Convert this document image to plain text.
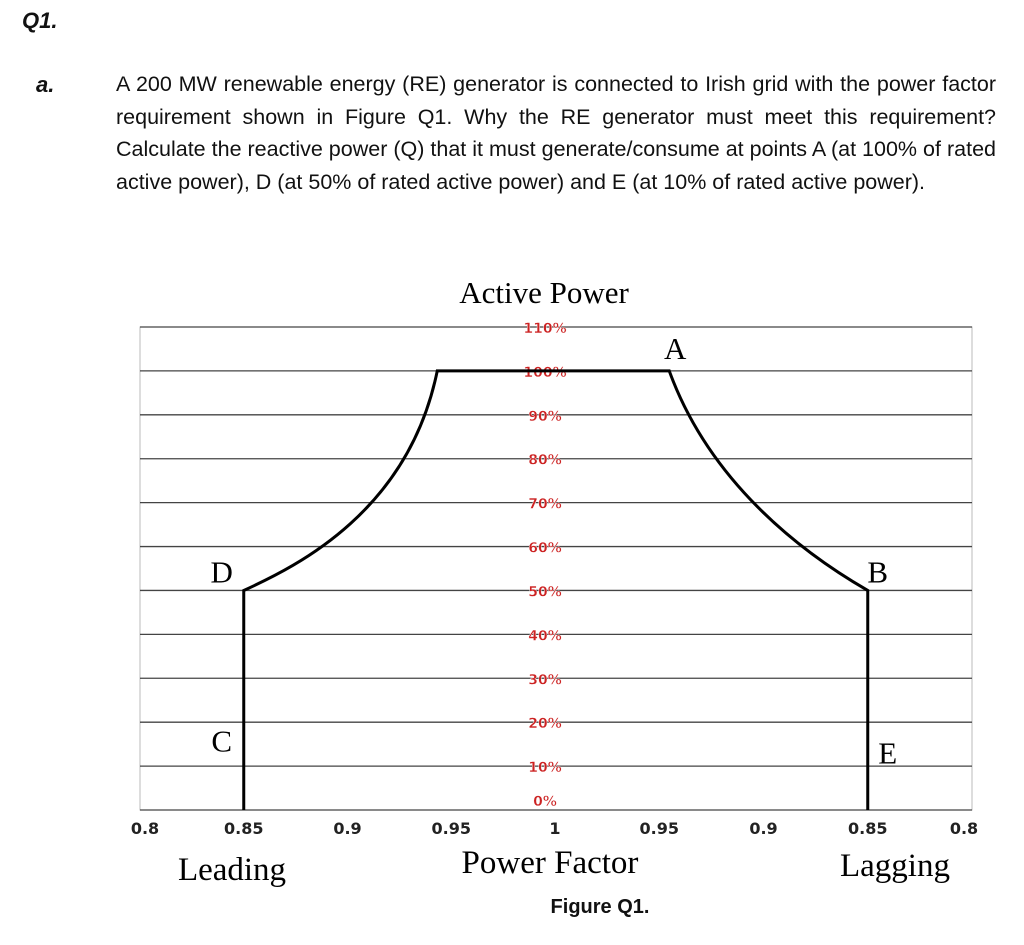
Q1.
a.	A 200 MW renewable energy (RE) generator is connected to Irish grid with the power factor requirement shown in Figure Q1. Why the RE generator must meet this requirement? Calculate the reactive power (Q) that it must generate/consume at points A (at 100% of rated active power), D (at 50% of rated active power) and E (at 10% of rated active power).
Active Power
0%
10%
20%
30%
40%
50%
60%
70%
80%
90%
100%
110%
0.8	0.85	0.9	0.95	1	0.95	0.9	0.85	0.8
C
D
A
B
E
Power Factor
Leading	Lagging
Figure Q1.
